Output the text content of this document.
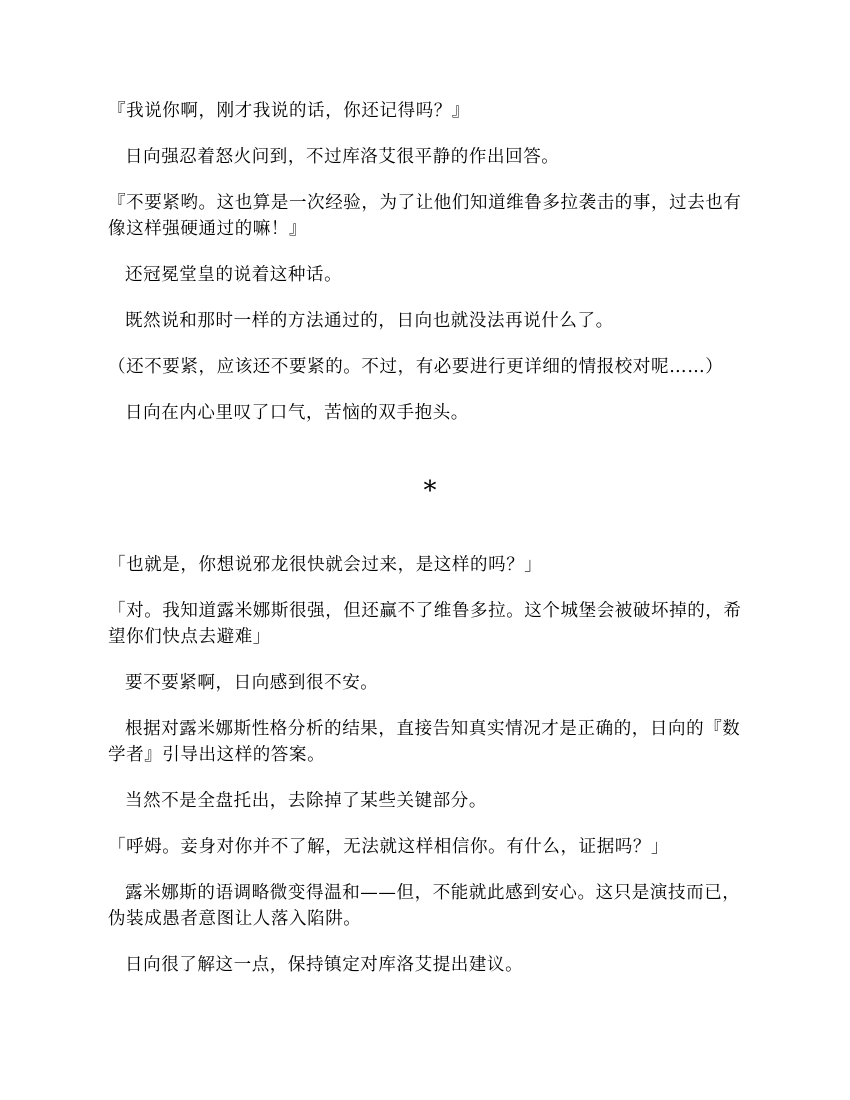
『我说你啊，刚才我说的话，你还记得吗？』

日向强忍着怒火问到，不过库洛艾很平静的作出回答。

『不要紧哟。这也算是一次经验，为了让他们知道维鲁多拉袭击的事，过去也有像这样强硬通过的嘛！』

还冠冕堂皇的说着这种话。

既然说和那时一样的方法通过的，日向也就没法再说什么了。

（还不要紧，应该还不要紧的。不过，有必要进行更详细的情报校对呢……）

日向在内心里叹了口气，苦恼的双手抱头。

*

「也就是，你想说邪龙很快就会过来，是这样的吗？」

「对。我知道露米娜斯很强，但还赢不了维鲁多拉。这个城堡会被破坏掉的，希望你们快点去避难」

要不要紧啊，日向感到很不安。

根据对露米娜斯性格分析的结果，直接告知真实情况才是正确的，日向的『数学者』引导出这样的答案。

当然不是全盘托出，去除掉了某些关键部分。

「呼姆。妾身对你并不了解，无法就这样相信你。有什么，证据吗？」

露米娜斯的语调略微变得温和——但，不能就此感到安心。这只是演技而已，伪装成愚者意图让人落入陷阱。

日向很了解这一点，保持镇定对库洛艾提出建议。
